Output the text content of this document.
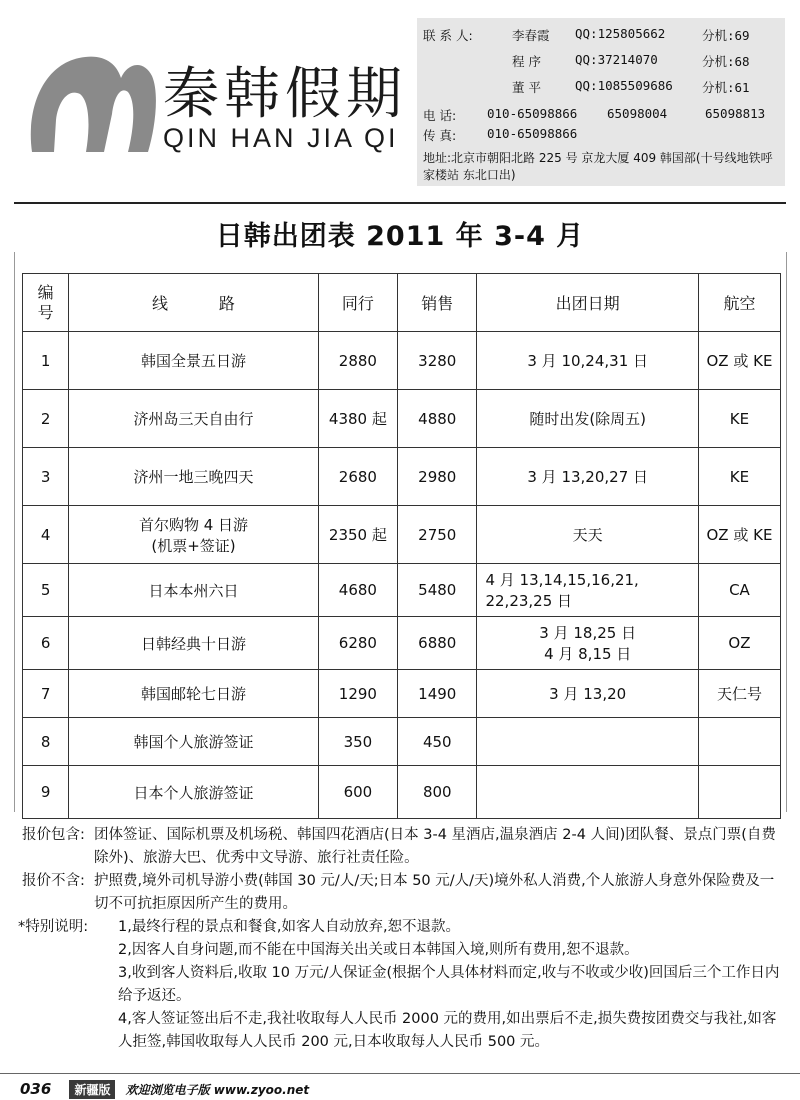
秦韩假期
QIN HAN JIA QI
联 系 人:	李春霞 QQ:125805662	分机:69
程 序	QQ:37214070	分机:68
董 平	QQ:1085509686 分机:61
电 话: 010-65098866 65098004	65098813
传 真: 010-65098866
地址:北京市朝阳北路 225 号 京龙大厦 409 韩国部(十号线地铁呼家楼站 东北口出)
日韩出团表 2011 年 3-4 月
编号	线          路	同行	销售	出团日期	航空
1	韩国全景五日游	2880	3280	3 月 10,24,31 日	OZ 或 KE
2	济州岛三天自由行	4380 起	4880	随时出发(除周五)	KE
3	济州一地三晚四天	2680	2980	3 月 13,20,27 日	KE
4	首尔购物 4 日游
(机票+签证)	2350 起	2750	天天	OZ 或 KE
5	日本本州六日	4680	5480	4 月 13,14,15,16,21,
22,23,25 日	CA
6	日韩经典十日游	6280	6880	3 月 18,25 日
4 月 8,15 日	OZ
7	韩国邮轮七日游	1290	1490	3 月 13,20	天仁号
8	韩国个人旅游签证	350	450		
9	日本个人旅游签证	600	800		
报价包含: 团体签证、国际机票及机场税、韩国四花酒店(日本 3-4 星酒店,温泉酒店 2-4 人间)团队餐、景点门票(自费除外)、旅游大巴、优秀中文导游、旅行社责任险。
报价不含: 护照费,境外司机导游小费(韩国 30 元/人/天;日本 50 元/人/天)境外私人消费,个人旅游人身意外保险费及一切不可抗拒原因所产生的费用。
*特别说明: 1,最终行程的景点和餐食,如客人自动放弃,恕不退款。
2,因客人自身问题,而不能在中国海关出关或日本韩国入境,则所有费用,恕不退款。
3,收到客人资料后,收取 10 万元/人保证金(根据个人具体材料而定,收与不收或少收)回国后三个工作日内给予返还。
4,客人签证签出后不走,我社收取每人人民币 2000 元的费用,如出票后不走,损失费按团费交与我社,如客人拒签,韩国收取每人人民币 200 元,日本收取每人人民币 500 元。
036 新疆版 欢迎浏览电子版 www.zyoo.net
